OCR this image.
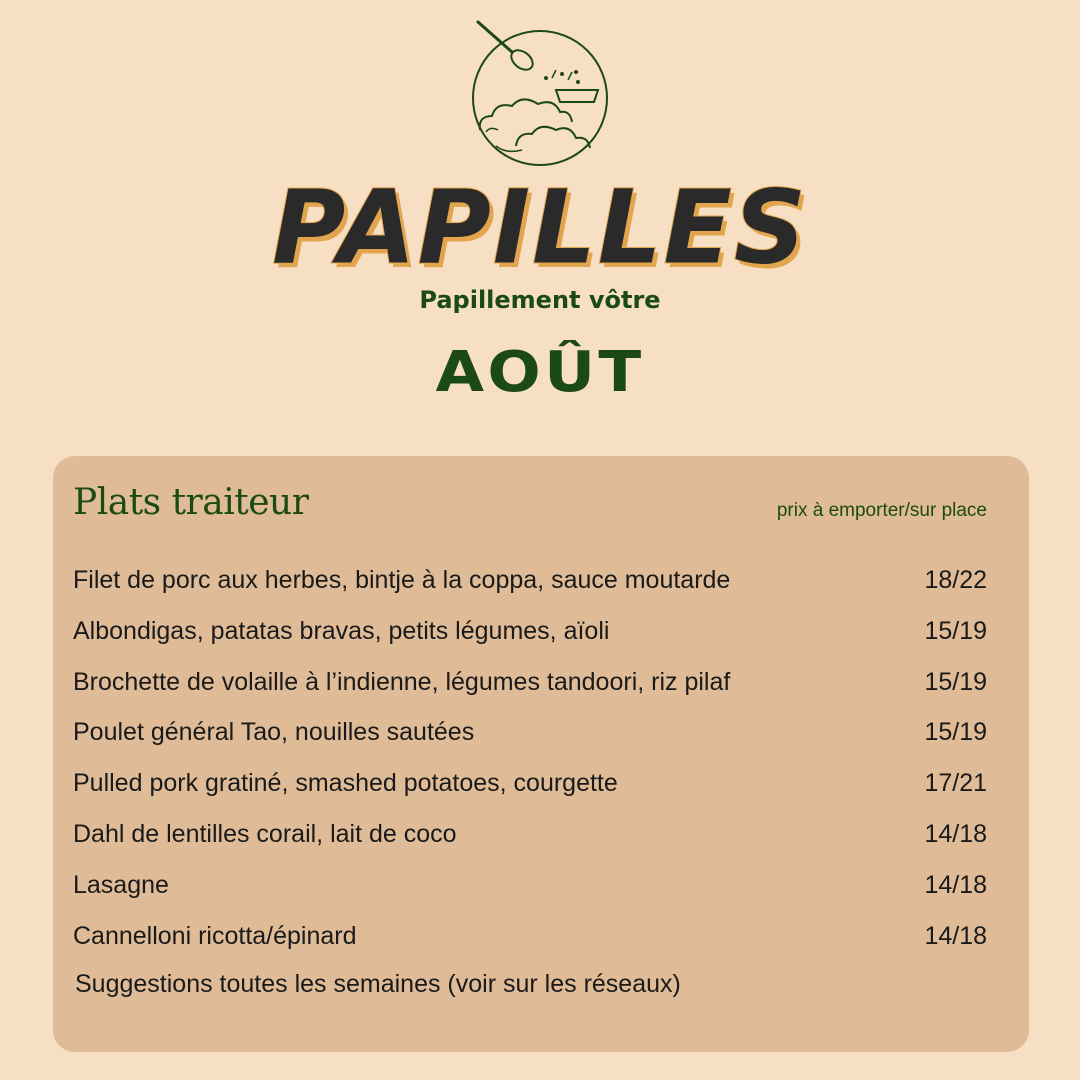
PAPILLES
Papillement vôtre
AOÛT
Plats traiteur	prix à emporter/sur place
Filet de porc aux herbes, bintje à la coppa, sauce moutarde	18/22
Albondigas, patatas bravas, petits légumes, aïoli	15/19
Brochette de volaille à l’indienne, légumes tandoori, riz pilaf	15/19
Poulet général Tao, nouilles sautées	15/19
Pulled pork gratiné, smashed potatoes, courgette	17/21
Dahl de lentilles corail, lait de coco	14/18
Lasagne	14/18
Cannelloni ricotta/épinard	14/18
Suggestions toutes les semaines (voir sur les réseaux)
